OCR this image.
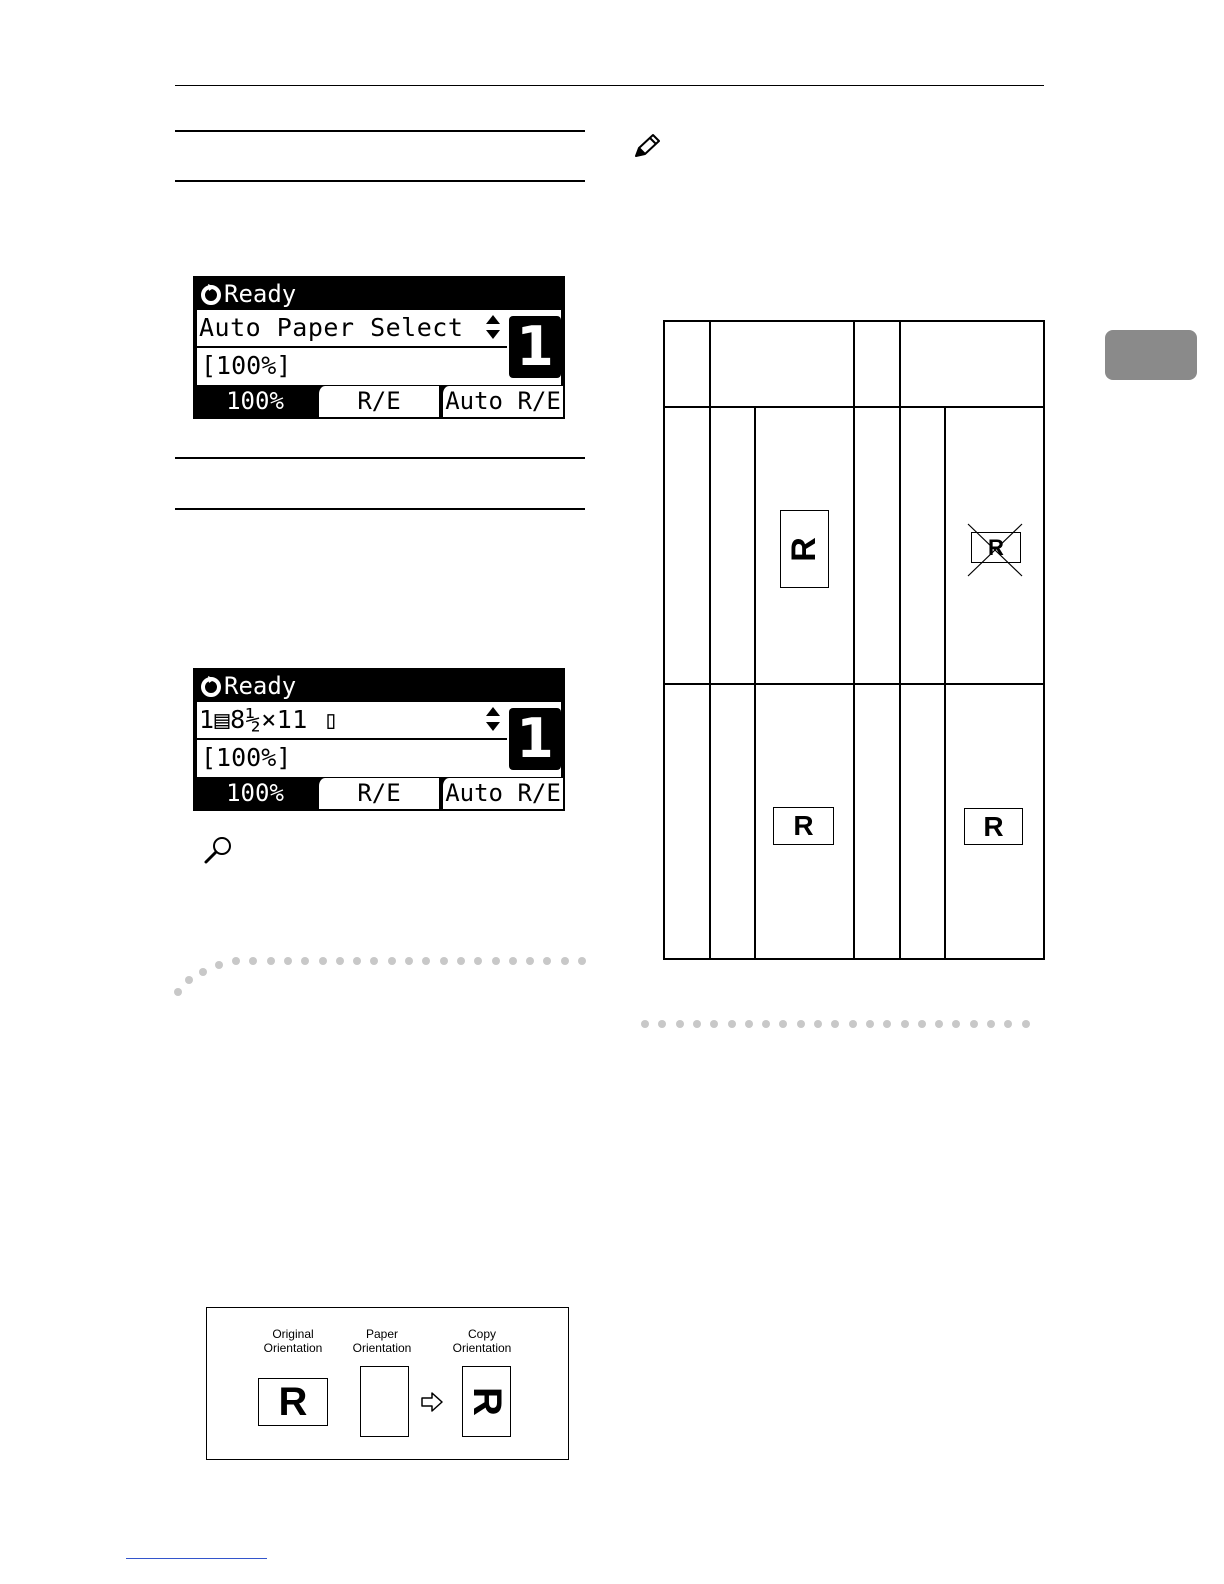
Ready
Auto Paper Select
[100%]	1
100%	R/E	Auto R/E
Ready
1▤8½×11 ▯
[100%]	1
100%	R/E	Auto R/E
R	R
R	R
Original
Orientation
Paper
Orientation
Copy
Orientation
R	R
